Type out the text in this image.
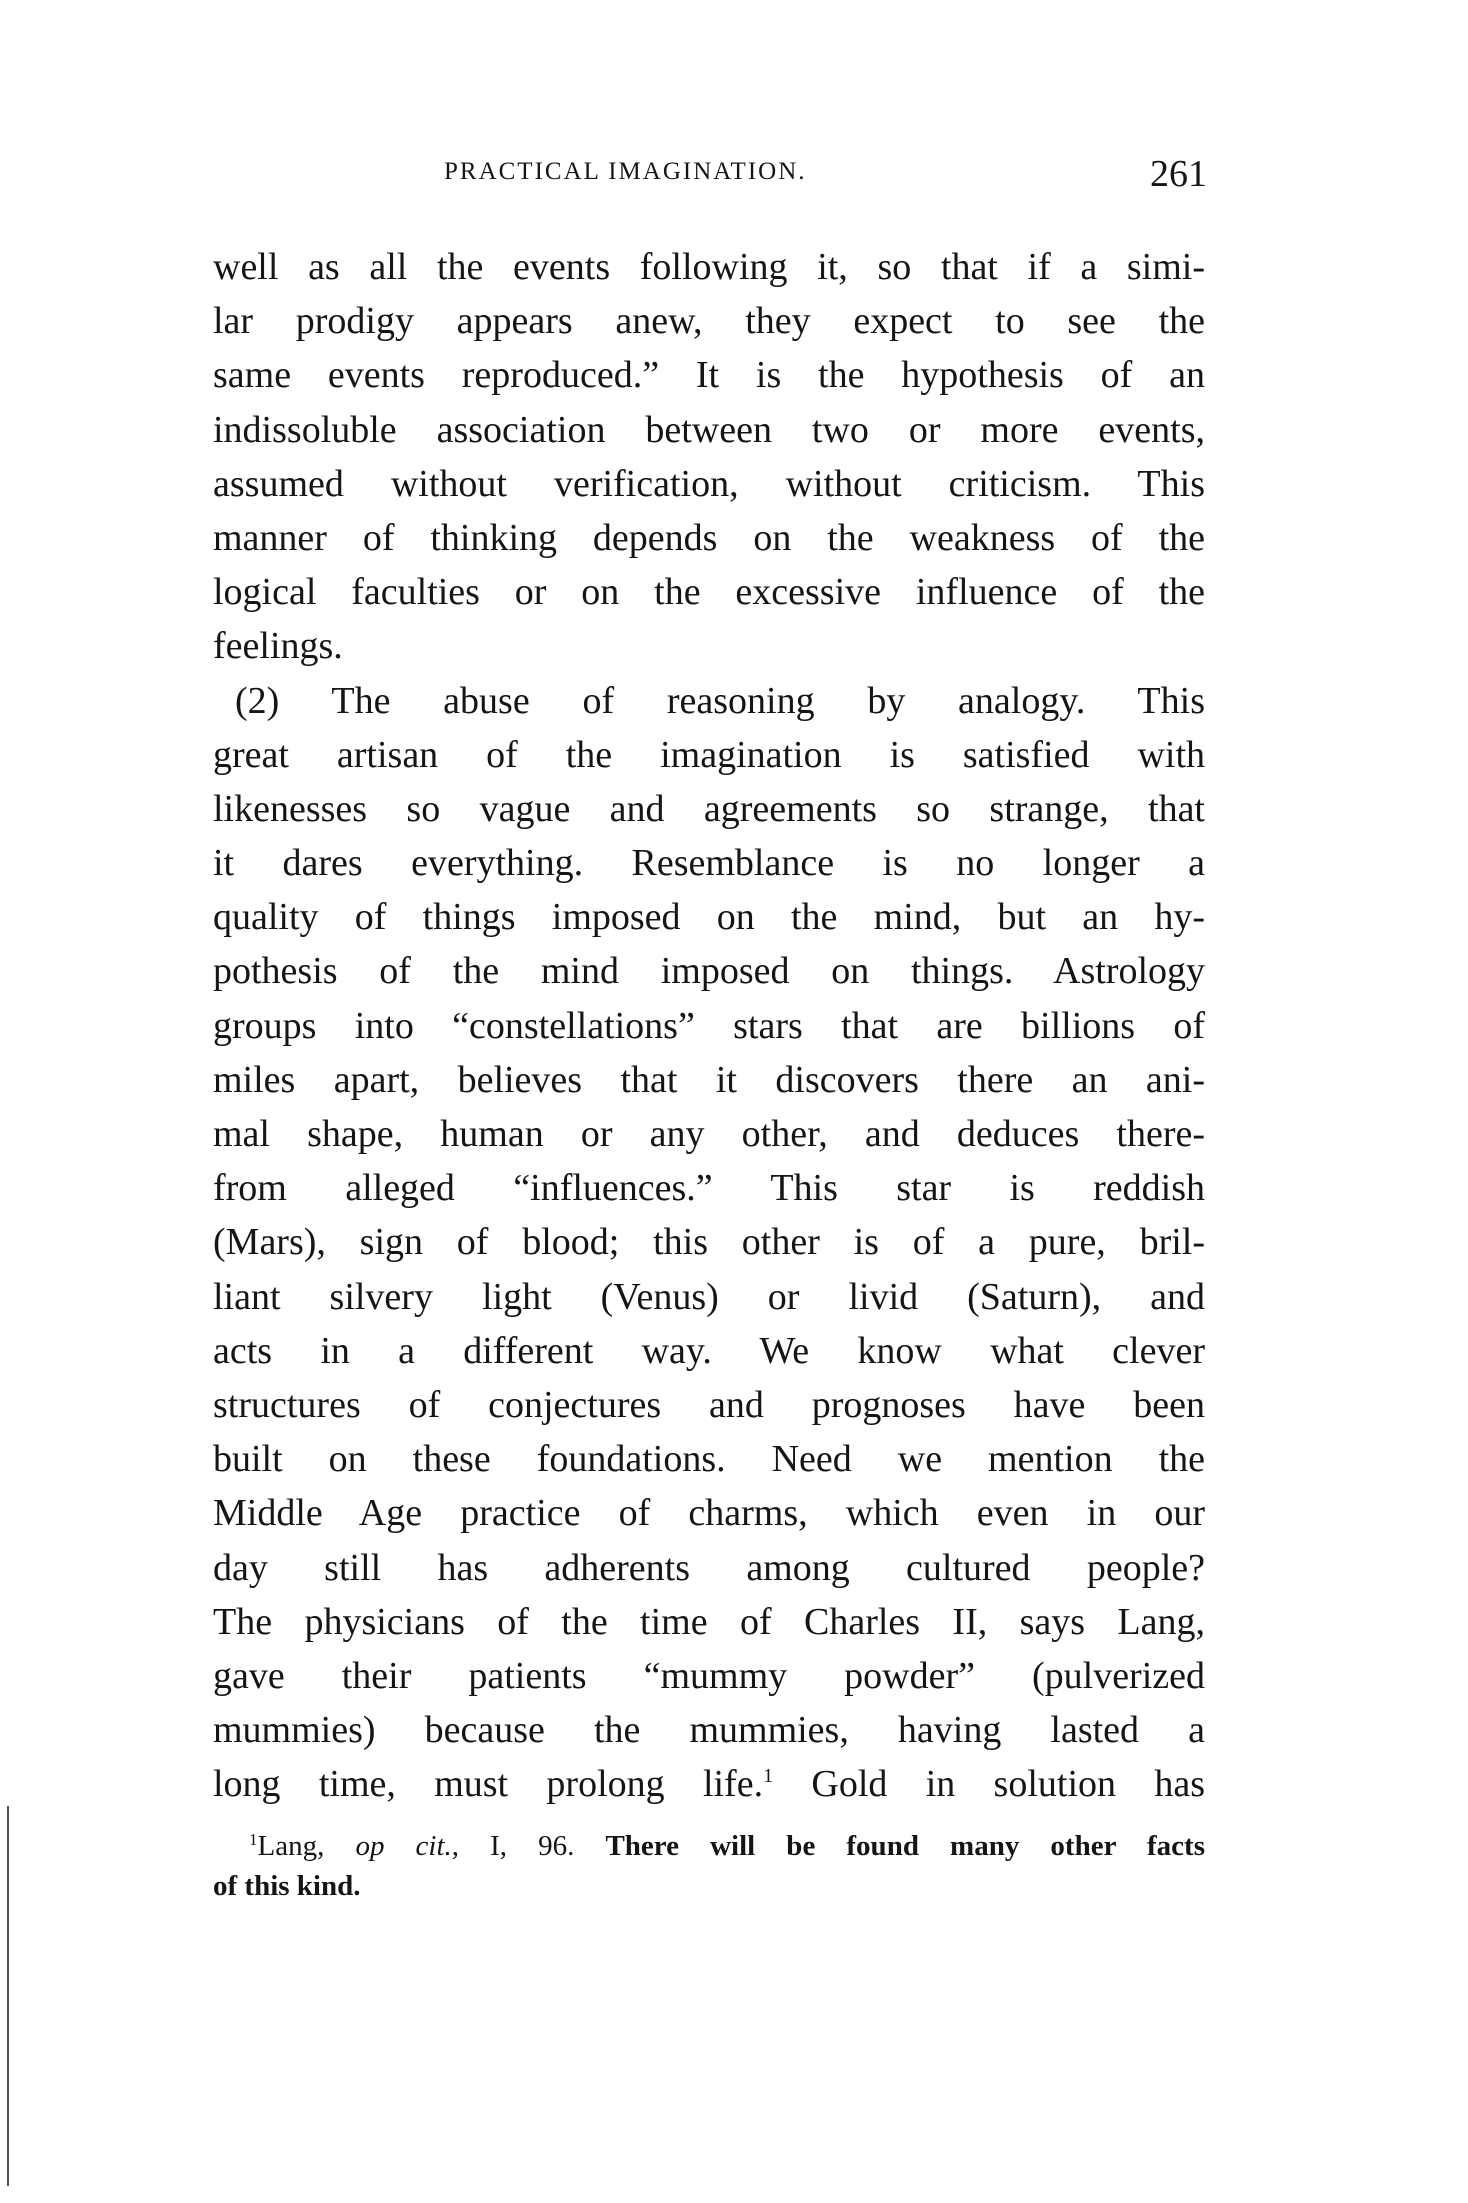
PRACTICAL IMAGINATION.	261
well as all the events following it, so that if a simi-
lar prodigy appears anew, they expect to see the
same events reproduced.” It is the hypothesis of an
indissoluble association between two or more events,
assumed without verification, without criticism. This
manner of thinking depends on the weakness of the
logical faculties or on the excessive influence of the
feelings.
(2) The abuse of reasoning by analogy. This
great artisan of the imagination is satisfied with
likenesses so vague and agreements so strange, that
it dares everything. Resemblance is no longer a
quality of things imposed on the mind, but an hy-
pothesis of the mind imposed on things. Astrology
groups into “constellations” stars that are billions of
miles apart, believes that it discovers there an ani-
mal shape, human or any other, and deduces there-
from alleged “influences.” This star is reddish
(Mars), sign of blood; this other is of a pure, bril-
liant silvery light (Venus) or livid (Saturn), and
acts in a different way. We know what clever
structures of conjectures and prognoses have been
built on these foundations. Need we mention the
Middle Age practice of charms, which even in our
day still has adherents among cultured people?
The physicians of the time of Charles II, says Lang,
gave their patients “mummy powder” (pulverized
mummies) because the mummies, having lasted a
long time, must prolong life.$^1$ Gold in solution has
$^1$Lang, op cit., I, 96. There will be found many other facts
of this kind.
